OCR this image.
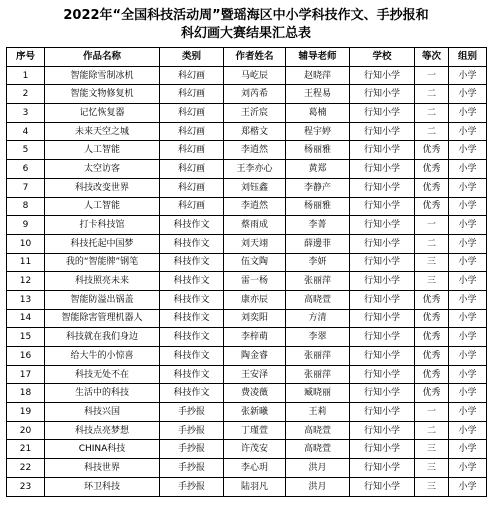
2022年“全国科技活动周”暨瑶海区中小学科技作文、手抄报和
科幻画大赛结果汇总表
序号	作品名称	类别	作者姓名	辅导老师	学校	等次	组别
1	智能除雪制冰机	科幻画	马屹辰	赵晓萍	行知小学	一	小学
2	智能文物修复机	科幻画	刘芮希	王程易	行知小学	二	小学
3	记忆恢复器	科幻画	王沂宸	葛楠	行知小学	二	小学
4	未来天空之城	科幻画	郑楷文	程宇婷	行知小学	二	小学
5	人工智能	科幻画	李逍然	杨丽雅	行知小学	优秀	小学
6	太空访客	科幻画	王李亦心	黄郑	行知小学	优秀	小学
7	科技改变世界	科幻画	刘钰鑫	李静产	行知小学	优秀	小学
8	人工智能	科幻画	李逍然	杨丽雅	行知小学	优秀	小学
9	打卡科技馆	科技作文	蔡雨成	李菁	行知小学	一	小学
10	科技托起中国梦	科技作文	刘天翊	薛邊菲	行知小学	二	小学
11	我的“智能牌”钢笔	科技作文	伍文陶	李妍	行知小学	三	小学
12	科技照亮未来	科技作文	雷一杨	张丽萍	行知小学	三	小学
13	智能防溢出锅盖	科技作文	康亦辰	高晓萱	行知小学	优秀	小学
14	智能除害管理机器人	科技作文	刘奕阳	方清	行知小学	优秀	小学
15	科技就在我们身边	科技作文	李梓萌	李翠	行知小学	优秀	小学
16	给大牛的小惊喜	科技作文	陶金睿	张丽萍	行知小学	优秀	小学
17	科技无处不在	科技作文	王安泽	张丽萍	行知小学	优秀	小学
18	生活中的科技	科技作文	费凌薇	臧晓丽	行知小学	优秀	小学
19	科技兴国	手抄报	张新曦	王莉	行知小学	一	小学
20	科技点亮梦想	手抄报	丁瑾萱	高晓萱	行知小学	二	小学
21	CHINA科技	手抄报	许茂安	高晓萱	行知小学	三	小学
22	科技世界	手抄报	李心玥	洪月	行知小学	三	小学
23	环卫科技	手抄报	陆羽凡	洪月	行知小学	三	小学
